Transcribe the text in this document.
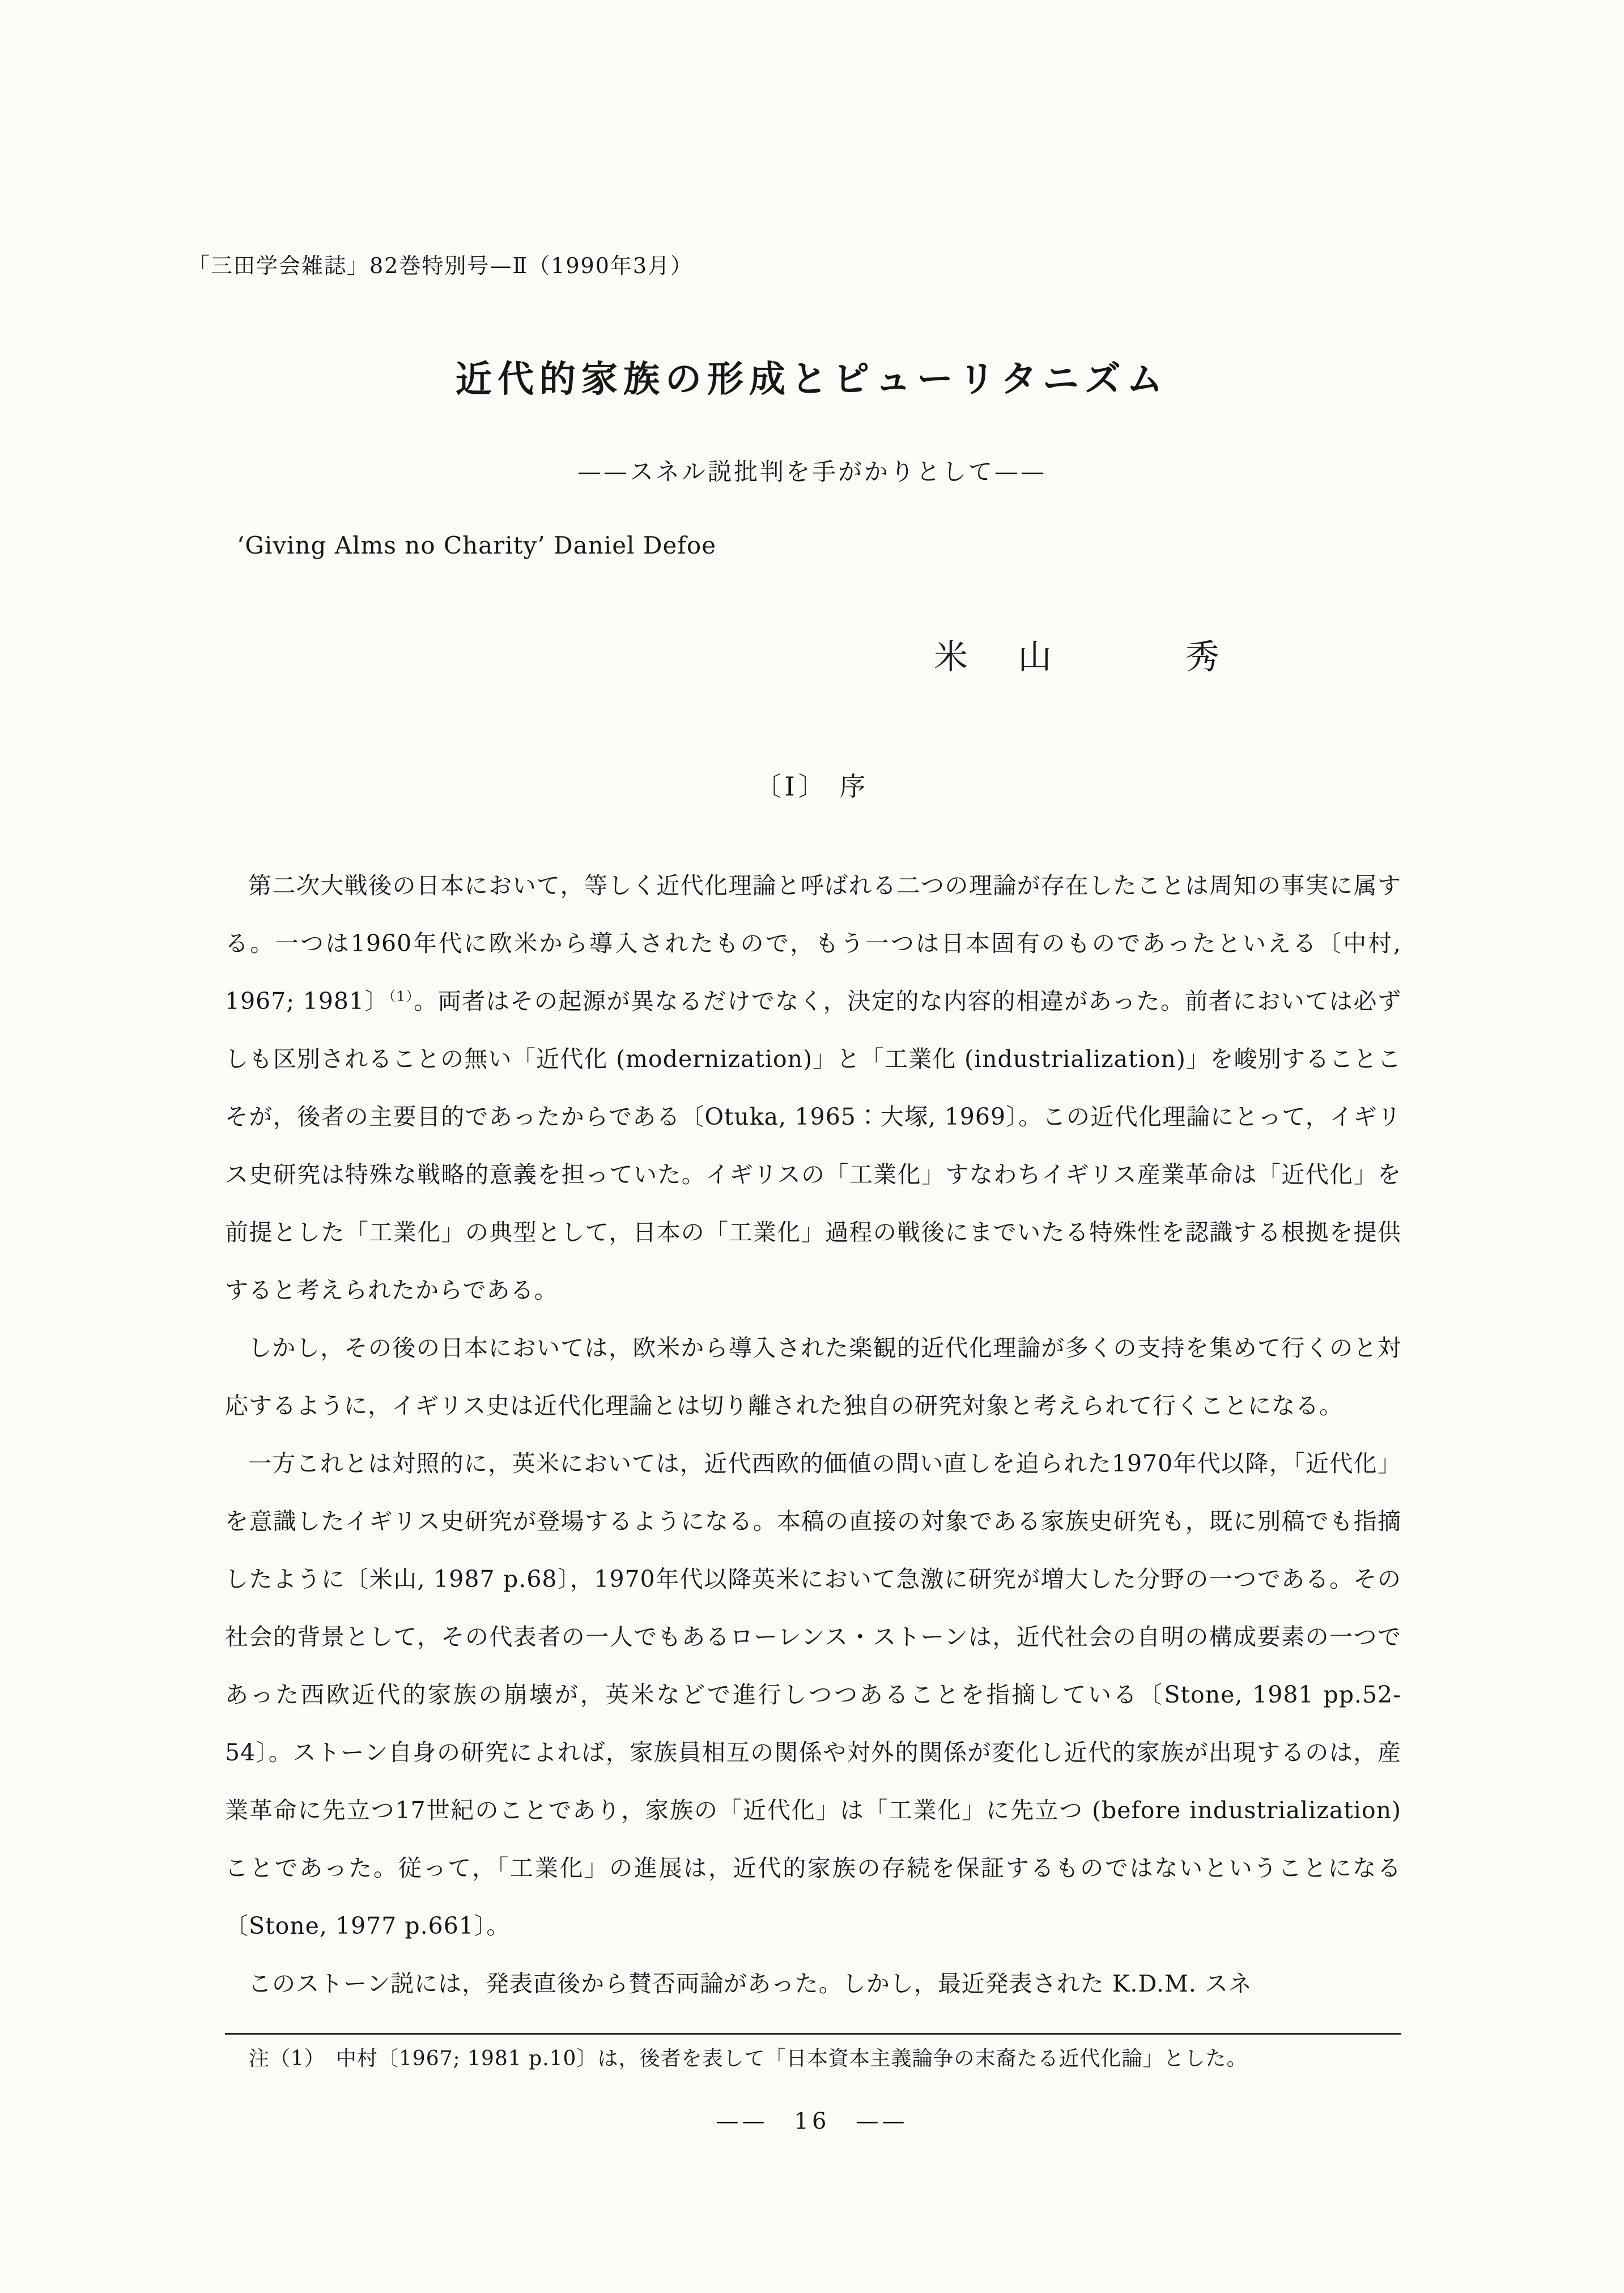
「三田学会雑誌」82巻特別号—Ⅱ（1990年3月）
近代的家族の形成とピューリタニズム
——スネル説批判を手がかりとして——
‘Giving Alms no Charity’ Daniel Defoe
米　山　　　秀
〔Ⅰ〕 序

第二次大戦後の日本において，等しく近代化理論と呼ばれる二つの理論が存在したことは周知の事実に属する。一つは1960年代に欧米から導入されたもので，もう一つは日本固有のものであったといえる〔中村, 1967; 1981〕$^{(1)}$。両者はその起源が異なるだけでなく，決定的な内容的相違があった。前者においては必ずしも区別されることの無い「近代化 (modernization)」と「工業化 (industrialization)」を峻別することこそが，後者の主要目的であったからである〔Otuka, 1965：大塚, 1969〕。この近代化理論にとって，イギリス史研究は特殊な戦略的意義を担っていた。イギリスの「工業化」すなわちイギリス産業革命は「近代化」を前提とした「工業化」の典型として，日本の「工業化」過程の戦後にまでいたる特殊性を認識する根拠を提供すると考えられたからである。

しかし，その後の日本においては，欧米から導入された楽観的近代化理論が多くの支持を集めて行くのと対応するように，イギリス史は近代化理論とは切り離された独自の研究対象と考えられて行くことになる。

一方これとは対照的に，英米においては，近代西欧的価値の問い直しを迫られた1970年代以降，「近代化」を意識したイギリス史研究が登場するようになる。本稿の直接の対象である家族史研究も，既に別稿でも指摘したように〔米山, 1987 p.68〕，1970年代以降英米において急激に研究が増大した分野の一つである。その社会的背景として，その代表者の一人でもあるローレンス・ストーンは，近代社会の自明の構成要素の一つであった西欧近代的家族の崩壊が，英米などで進行しつつあることを指摘している〔Stone, 1981 pp.52-54〕。ストーン自身の研究によれば，家族員相互の関係や対外的関係が変化し近代的家族が出現するのは，産業革命に先立つ17世紀のことであり，家族の「近代化」は「工業化」に先立つ (before industrialization) ことであった。従って，「工業化」の進展は，近代的家族の存続を保証するものではないということになる〔Stone, 1977 p.661〕。

このストーン説には，発表直後から賛否両論があった。しかし，最近発表された K.D.M. スネ

注（1）　中村〔1967; 1981 p.10〕は，後者を表して「日本資本主義論争の末裔たる近代化論」とした。

——　16　——
